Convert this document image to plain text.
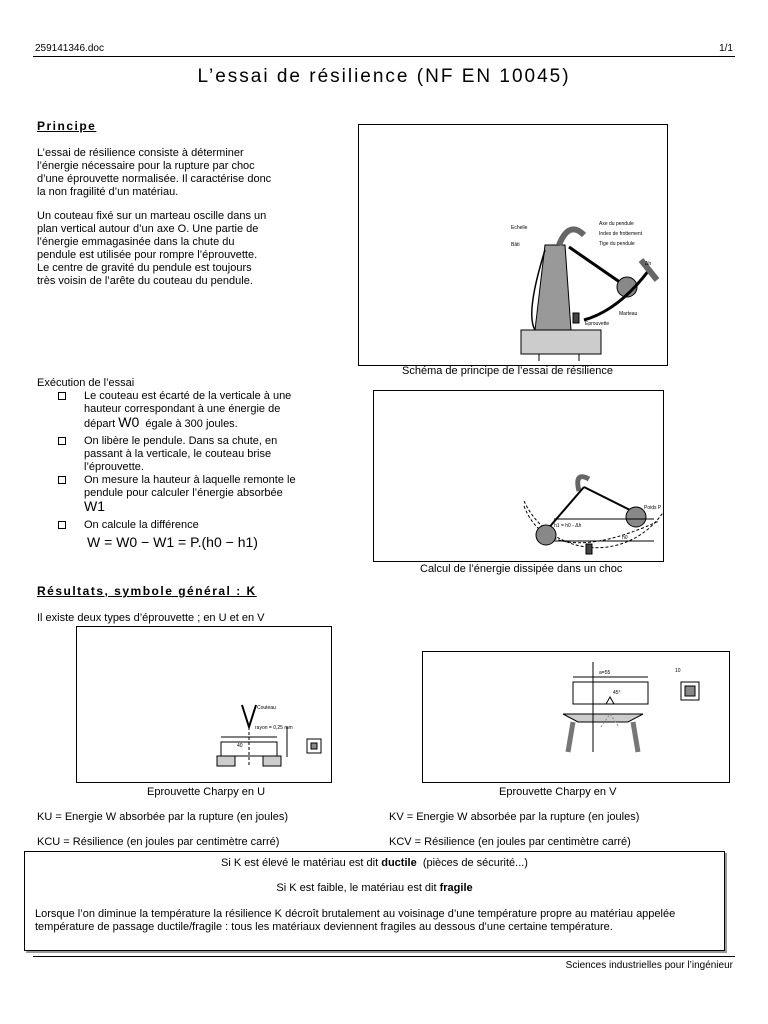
259141346.doc	1/1
L’essai de résilience (NF EN 10045)
Principe

L’essai de résilience consiste à déterminer

l’énergie nécessaire pour la rupture par choc

d’une éprouvette normalisée. Il caractérise donc

la non fragilité d’un matériau.

Un couteau fixé sur un marteau oscille dans un

plan vertical autour d’un axe O. Une partie de

l’énergie emmagasinée dans la chute du

pendule est utilisée pour rompre l’éprouvette.

Le centre de gravité du pendule est toujours

très voisin de l’arête du couteau du pendule.

Axe du pendule
Index de frottement
Tige du pendule
Echelle
Bâti
Δh
Marteau
Eprouvette
Schéma de principe de l’essai de résilience
Exécution de l’essai
Le couteau est écarté de la verticale à une
hauteur correspondant à une énergie de
départ W0 égale à 300 joules.
On libère le pendule. Dans sa chute, en
passant à la verticale, le couteau brise
l’éprouvette.
On mesure la hauteur à laquelle remonte le
pendule pour calculer l’énergie absorbée
W1
On calcule la différence
W = W0 − W1 = P.(h0 − h1)
h1 = h0 - Δh
h0
Poids P
Calcul de l’énergie dissipée dans un choc
Résultats, symbole général : K
Il existe deux types d’éprouvette ; en U et en V
Couteau
rayon = 0,25 mm
40
Eprouvette Charpy en U
a=55
45°
10
Eprouvette Charpy en V
KU = Energie W absorbée par la rupture (en joules)
KCU = Résilience (en joules par centimètre carré)
KV = Energie W absorbée par la rupture (en joules)
KCV = Résilience (en joules par centimètre carré)
Si K est élevé le matériau est dit ductile (pièces de sécurité...)
Si K est faible, le matériau est dit fragile
Lorsque l’on diminue la température la résilience K décroît brutalement au voisinage d’une température propre au matériau appelée température de passage ductile/fragile : tous les matériaux deviennent fragiles au dessous d’une certaine température.
Sciences industrielles pour l’ingénieur
